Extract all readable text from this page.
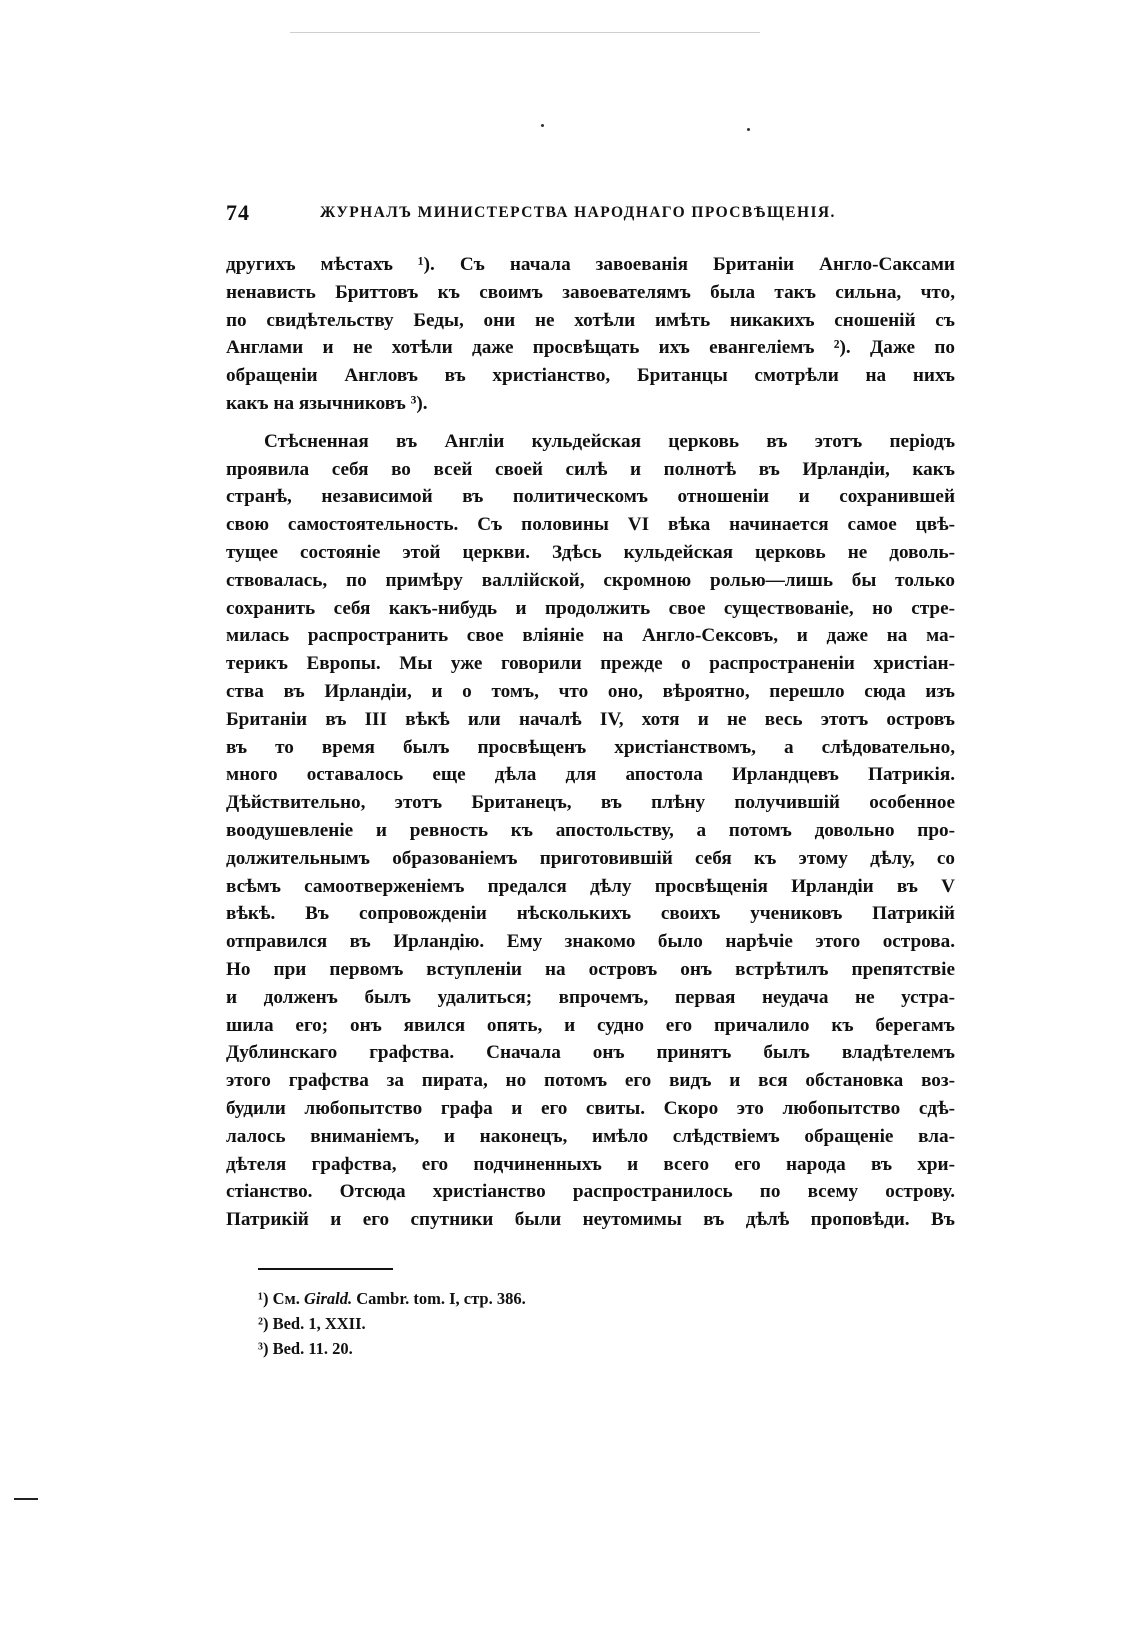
74	ЖУРНАЛЪ МИНИСТЕРСТВА НАРОДНАГО ПРОСВѢЩЕНІЯ.
другихъ мѣстахъ ¹). Съ начала завоеванія Британіи Англо-Саксами
ненависть Бриттовъ къ своимъ завоевателямъ была такъ сильна, что,
по свидѣтельству Беды, они не хотѣли имѣть никакихъ сношеній съ
Англами и не хотѣли даже просвѣщать ихъ евангеліемъ ²). Даже по
обращеніи Англовъ въ христіанство, Британцы смотрѣли на нихъ
какъ на язычниковъ ³).
Стѣсненная въ Англіи кульдейская церковь въ этотъ періодъ
проявила себя во всей своей силѣ и полнотѣ въ Ирландіи, какъ
странѣ, независимой въ политическомъ отношеніи и сохранившей
свою самостоятельность. Съ половины VI вѣка начинается самое цвѣ-
тущее состояніе этой церкви. Здѣсь кульдейская церковь не доволь-
ствовалась, по примѣру валлійской, скромною ролью—лишь бы только
сохранить себя какъ-нибудь и продолжить свое существованіе, но стре-
милась распространить свое вліяніе на Англо-Сексовъ, и даже на ма-
терикъ Европы. Мы уже говорили прежде о распространеніи христіан-
ства въ Ирландіи, и о томъ, что оно, вѣроятно, перешло сюда изъ
Британіи въ III вѣкѣ или началѣ IV, хотя и не весь этотъ островъ
въ то время былъ просвѣщенъ христіанствомъ, а слѣдовательно,
много оставалось еще дѣла для апостола Ирландцевъ Патрикія.
Дѣйствительно, этотъ Британецъ, въ плѣну получившій особенное
воодушевленіе и ревность къ апостольству, а потомъ довольно про-
должительнымъ образованіемъ приготовившій себя къ этому дѣлу, со
всѣмъ самоотверженіемъ предался дѣлу просвѣщенія Ирландіи въ V
вѣкѣ. Въ сопровожденіи нѣсколькихъ своихъ учениковъ Патрикій
отправился въ Ирландію. Ему знакомо было нарѣчіе этого острова.
Но при первомъ вступленіи на островъ онъ встрѣтилъ препятствіе
и долженъ былъ удалиться; впрочемъ, первая неудача не устра-
шила его; онъ явился опять, и судно его причалило къ берегамъ
Дублинскаго графства. Сначала онъ принятъ былъ владѣтелемъ
этого графства за пирата, но потомъ его видъ и вся обстановка воз-
будили любопытство графа и его свиты. Скоро это любопытство сдѣ-
лалось вниманіемъ, и наконецъ, имѣло слѣдствіемъ обращеніе вла-
дѣтеля графства, его подчиненныхъ и всего его народа въ хри-
стіанство. Отсюда христіанство распространилось по всему острову.
Патрикій и его спутники были неутомимы въ дѣлѣ проповѣди. Въ
¹) См. Girald. Cambr. tom. I, стр. 386.
²) Bed. 1, XXII.
³) Bed. 11. 20.
